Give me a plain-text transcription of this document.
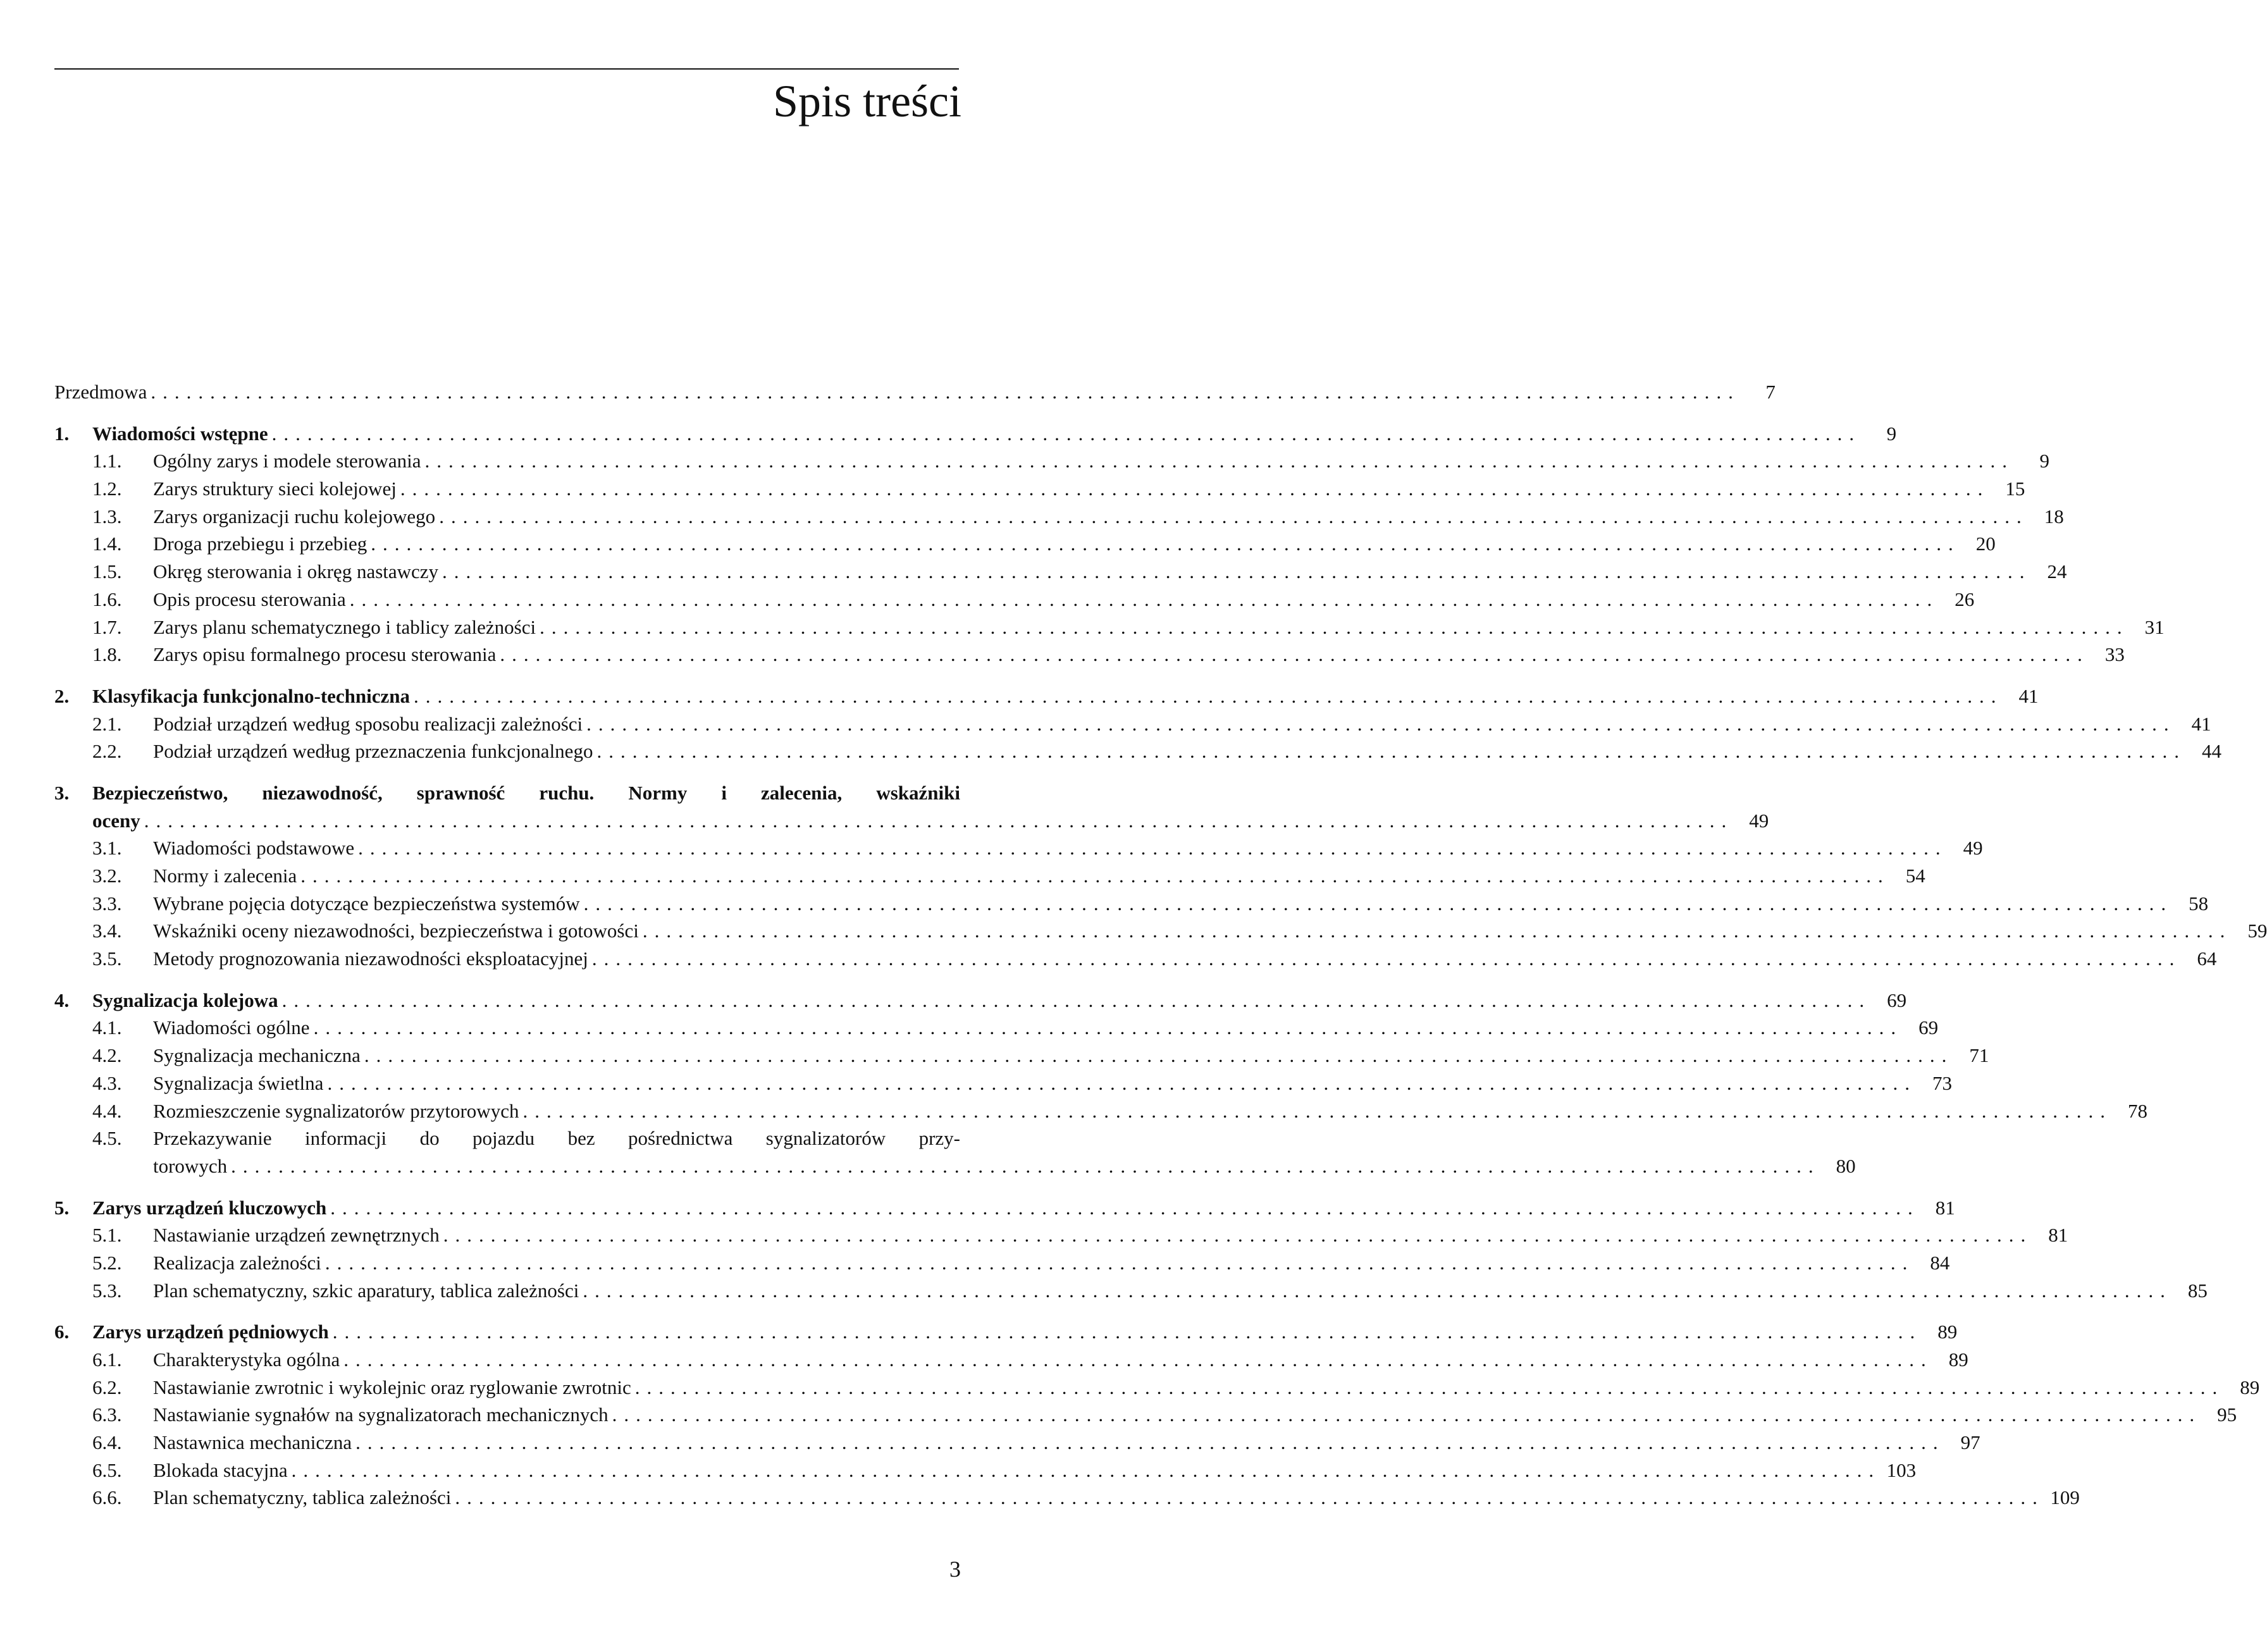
Spis treści
Przedmowa ......................................................................................................................................	7
1.	Wiadomości wstępne ......................................................................................................................................	9
1.1.	Ogólny zarys i modele sterowania ......................................................................................................................................	9
1.2.	Zarys struktury sieci kolejowej ...................................................................................................................................... 15
1.3.	Zarys organizacji ruchu kolejowego ...................................................................................................................................... 18
1.4.	Droga przebiegu i przebieg ...................................................................................................................................... 20
1.5.	Okręg sterowania i okręg nastawczy ...................................................................................................................................... 24
1.6.	Opis procesu sterowania ...................................................................................................................................... 26
1.7.	Zarys planu schematycznego i tablicy zależności ...................................................................................................................................... 31
1.8.	Zarys opisu formalnego procesu sterowania ...................................................................................................................................... 33
2.	Klasyfikacja funkcjonalno-techniczna ...................................................................................................................................... 41
2.1.	Podział urządzeń według sposobu realizacji zależności ...................................................................................................................................... 41
2.2.	Podział urządzeń według przeznaczenia funkcjonalnego ...................................................................................................................................... 44
3.	Bezpieczeństwo, niezawodność, sprawność ruchu. Normy i zalecenia, wskaźniki
oceny ...................................................................................................................................... 49
3.1.	Wiadomości podstawowe ...................................................................................................................................... 49
3.2.	Normy i zalecenia ...................................................................................................................................... 54
3.3.	Wybrane pojęcia dotyczące bezpieczeństwa systemów ...................................................................................................................................... 58
3.4.	Wskaźniki oceny niezawodności, bezpieczeństwa i gotowości ...................................................................................................................................... 59
3.5.	Metody prognozowania niezawodności eksploatacyjnej ...................................................................................................................................... 64
4.	Sygnalizacja kolejowa ...................................................................................................................................... 69
4.1.	Wiadomości ogólne ...................................................................................................................................... 69
4.2.	Sygnalizacja mechaniczna ...................................................................................................................................... 71
4.3.	Sygnalizacja świetlna ...................................................................................................................................... 73
4.4.	Rozmieszczenie sygnalizatorów przytorowych ...................................................................................................................................... 78
4.5.	Przekazywanie informacji do pojazdu bez pośrednictwa sygnalizatorów przy-
torowych ...................................................................................................................................... 80
5.	Zarys urządzeń kluczowych ...................................................................................................................................... 81
5.1.	Nastawianie urządzeń zewnętrznych ...................................................................................................................................... 81
5.2.	Realizacja zależności ...................................................................................................................................... 84
5.3.	Plan schematyczny, szkic aparatury, tablica zależności ...................................................................................................................................... 85
6.	Zarys urządzeń pędniowych ...................................................................................................................................... 89
6.1.	Charakterystyka ogólna ...................................................................................................................................... 89
6.2.	Nastawianie zwrotnic i wykolejnic oraz ryglowanie zwrotnic ...................................................................................................................................... 89
6.3.	Nastawianie sygnałów na sygnalizatorach mechanicznych ...................................................................................................................................... 95
6.4.	Nastawnica mechaniczna ...................................................................................................................................... 97
6.5.	Blokada stacyjna ...................................................................................................................................... 103
6.6.	Plan schematyczny, tablica zależności ...................................................................................................................................... 109
3
